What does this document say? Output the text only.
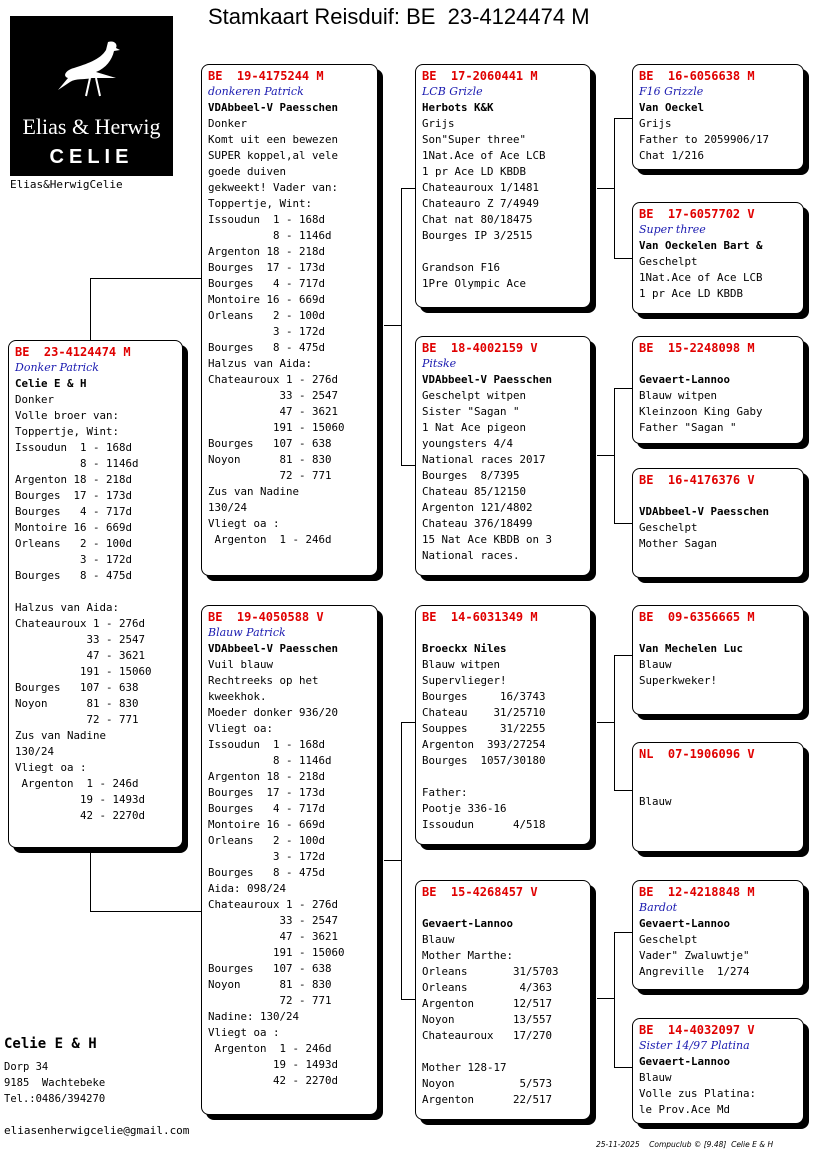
Stamkaart Reisduif: BE  23-4124474 M
Elias & Herwig
CELIE
Elias&HerwigCelie
BE  23-4124474 M
Donker Patrick
Celie E & H
Donker
Volle broer van:
Toppertje, Wint:
Issoudun  1 - 168d
8 - 1146d
Argenton 18 - 218d
Bourges  17 - 173d
Bourges   4 - 717d
Montoire 16 - 669d
Orleans   2 - 100d
3 - 172d
Bourges   8 - 475d
Halzus van Aida:
Chateauroux 1 - 276d
33 - 2547
47 - 3621
191 - 15060
Bourges   107 - 638
Noyon      81 - 830
72 - 771
Zus van Nadine
130/24
Vliegt oa :
Argenton  1 - 246d
19 - 1493d
42 - 2270d
BE  19-4175244 M
donkeren Patrick
VDAbbeel-V Paesschen
Donker
Komt uit een bewezen
SUPER koppel,al vele
goede duiven
gekweekt! Vader van:
Toppertje, Wint:
Issoudun  1 - 168d
8 - 1146d
Argenton 18 - 218d
Bourges  17 - 173d
Bourges   4 - 717d
Montoire 16 - 669d
Orleans   2 - 100d
3 - 172d
Bourges   8 - 475d
Halzus van Aida:
Chateauroux 1 - 276d
33 - 2547
47 - 3621
191 - 15060
Bourges   107 - 638
Noyon      81 - 830
72 - 771
Zus van Nadine
130/24
Vliegt oa :
Argenton  1 - 246d
BE  19-4050588 V
Blauw Patrick
VDAbbeel-V Paesschen
Vuil blauw
Rechtreeks op het
kweekhok.
Moeder donker 936/20
Vliegt oa:
Issoudun  1 - 168d
8 - 1146d
Argenton 18 - 218d
Bourges  17 - 173d
Bourges   4 - 717d
Montoire 16 - 669d
Orleans   2 - 100d
3 - 172d
Bourges   8 - 475d
Aida: 098/24
Chateauroux 1 - 276d
33 - 2547
47 - 3621
191 - 15060
Bourges   107 - 638
Noyon      81 - 830
72 - 771
Nadine: 130/24
Vliegt oa :
Argenton  1 - 246d
19 - 1493d
42 - 2270d
BE  17-2060441 M
LCB Grizle
Herbots K&K
Grijs
Son"Super three"
1Nat.Ace of Ace LCB
1 pr Ace LD KBDB
Chateauroux 1/1481
Chateauro Z 7/4949
Chat nat 80/18475
Bourges IP 3/2515
Grandson F16
1Pre Olympic Ace
BE  18-4002159 V
Pitske
VDAbbeel-V Paesschen
Geschelpt witpen
Sister "Sagan "
1 Nat Ace pigeon
youngsters 4/4
National races 2017
Bourges  8/7395
Chateau 85/12150
Argenton 121/4802
Chateau 376/18499
15 Nat Ace KBDB on 3
National races.
BE  14-6031349 M
Broeckx Niles
Blauw witpen
Supervlieger!
Bourges     16/3743
Chateau    31/25710
Souppes     31/2255
Argenton  393/27254
Bourges  1057/30180
Father:
Pootje 336-16
Issoudun      4/518
BE  15-4268457 V
Gevaert-Lannoo
Blauw
Mother Marthe:
Orleans       31/5703
Orleans        4/363
Argenton      12/517
Noyon         13/557
Chateauroux   17/270
Mother 128-17
Noyon          5/573
Argenton      22/517
BE  16-6056638 M
F16 Grizzle
Van Oeckel
Grijs
Father to 2059906/17
Chat 1/216
BE  17-6057702 V
Super three
Van Oeckelen Bart &
Geschelpt
1Nat.Ace of Ace LCB
1 pr Ace LD KBDB
BE  15-2248098 M
Gevaert-Lannoo
Blauw witpen
Kleinzoon King Gaby
Father "Sagan "
BE  16-4176376 V
VDAbbeel-V Paesschen
Geschelpt
Mother Sagan
BE  09-6356665 M
Van Mechelen Luc
Blauw
Superkweker!
NL  07-1906096 V
Blauw
BE  12-4218848 M
Bardot
Gevaert-Lannoo
Geschelpt
Vader" Zwaluwtje"
Angreville  1/274
BE  14-4032097 V
Sister 14/97 Platina
Gevaert-Lannoo
Blauw
Volle zus Platina:
le Prov.Ace Md
Celie E & H
Dorp 34
9185  Wachtebeke
Tel.:0486/394270
eliasenherwigcelie@gmail.com
25-11-2025    Compuclub © [9.48]  Celie E & H
